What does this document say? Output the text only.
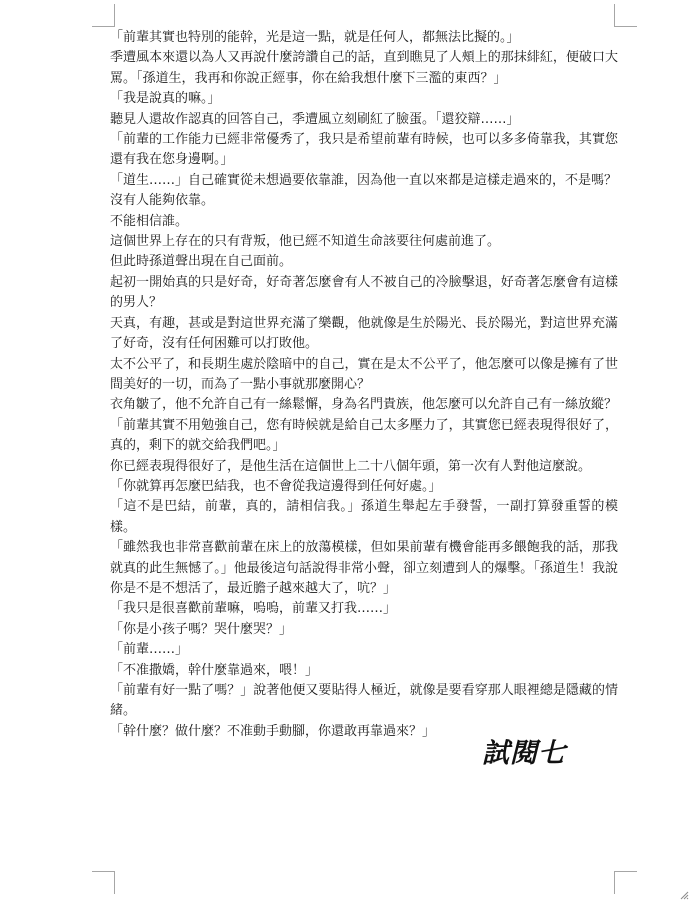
「前輩其實也特別的能幹，光是這一點，就是任何人，都無法比擬的。」

季遭風本來還以為人又再說什麼誇讚自己的話，直到瞧見了人頰上的那抹緋紅，便破口大罵。「孫道生，我再和你說正經事，你在給我想什麼下三濫的東西？」

「我是說真的嘛。」

聽見人還故作認真的回答自己，季遭風立刻刷紅了臉蛋。「還狡辯……」

「前輩的工作能力已經非常優秀了，我只是希望前輩有時候，也可以多多倚靠我，其實您還有我在您身邊啊。」

「道生……」自己確實從未想過要依靠誰，因為他一直以來都是這樣走過來的，不是嗎？

沒有人能夠依靠。

不能相信誰。

這個世界上存在的只有背叛，他已經不知道生命該要往何處前進了。

但此時孫道聲出現在自己面前。

起初一開始真的只是好奇，好奇著怎麼會有人不被自己的冷臉擊退，好奇著怎麼會有這樣的男人？

天真，有趣，甚或是對這世界充滿了樂觀，他就像是生於陽光、長於陽光，對這世界充滿了好奇，沒有任何困難可以打敗他。

太不公平了，和長期生處於陰暗中的自己，實在是太不公平了，他怎麼可以像是擁有了世間美好的一切，而為了一點小事就那麼開心？

衣角皺了，他不允許自己有一絲鬆懈，身為名門貴族，他怎麼可以允許自己有一絲放縱？

「前輩其實不用勉強自己，您有時候就是給自己太多壓力了，其實您已經表現得很好了，真的，剩下的就交給我們吧。」

你已經表現得很好了，是他生活在這個世上二十八個年頭，第一次有人對他這麼說。

「你就算再怎麼巴結我，也不會從我這邊得到任何好處。」

「這不是巴結，前輩，真的，請相信我。」孫道生舉起左手發誓，一副打算發重誓的模樣。

「雖然我也非常喜歡前輩在床上的放蕩模樣，但如果前輩有機會能再多餵飽我的話，那我就真的此生無憾了。」他最後這句話說得非常小聲，卻立刻遭到人的爆擊。「孫道生！我說你是不是不想活了，最近膽子越來越大了，吭？」

「我只是很喜歡前輩嘛，嗚嗚，前輩又打我……」

「你是小孩子嗎？哭什麼哭？」

「前輩……」

「不准撒嬌，幹什麼靠過來，喂！」

「前輩有好一點了嗎？」說著他便又要貼得人極近，就像是要看穿那人眼裡總是隱藏的情緒。

「幹什麼？做什麼？不准動手動腳，你還敢再靠過來？」

試閱七
